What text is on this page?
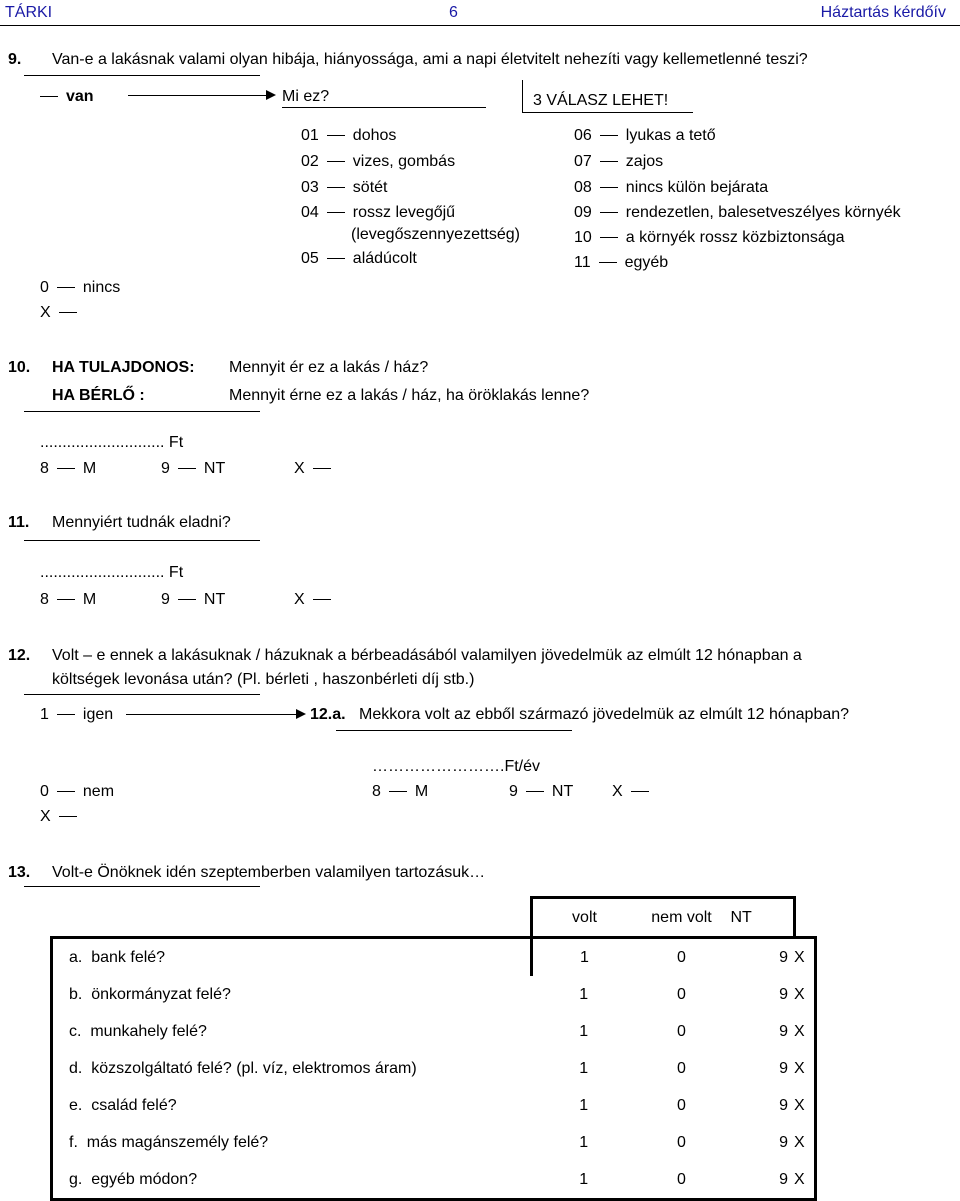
TÁRKI	6	Háztartás kérdőív
9. Van-e a lakásnak valami olyan hibája, hiányossága, ami a napi életvitelt nehezíti vagy kellemetlenné teszi?
van	Mi ez?	3 VÁLASZ LEHET!
01 dohos
02 vizes, gombás
03 sötét
04 rossz levegőjű
(levegőszennyezettség)
05 aládúcolt
06 lyukas a tető
07 zajos
08 nincs külön bejárata
09 rendezetlen, balesetveszélyes környék
10 a környék rossz közbiztonsága
11 egyéb
0 nincs
X
10. HA TULAJDONOS: Mennyit ér ez a lakás / ház?
HA BÉRLŐ :	Mennyit érne ez a lakás / ház, ha öröklakás lenne?
............................ Ft
8 M	9 NT	X
11. Mennyiért tudnák eladni?
............................ Ft
8 M	9 NT	X
12. Volt – e ennek a lakásuknak / házuknak a bérbeadásából valamilyen jövedelmük az elmúlt 12 hónapban a
költségek levonása után? (Pl. bérleti , haszonbérleti díj stb.)
1 igen	12.a. Mekkora volt az ebből származó jövedelmük az elmúlt 12 hónapban?
…………………….Ft/év
0 nem
X
8 M	9 NT X
13. Volt-e Önöknek idén szeptemberben valamilyen tartozásuk…
	volt	nem volt	NT	
a. bank felé?	1	0	9	X
b. önkormányzat felé?	1	0	9	X
c. munkahely felé?	1	0	9	X
d. közszolgáltató felé? (pl. víz, elektromos áram)	1	0	9	X
e. család felé?	1	0	9	X
f. más magánszemély felé?	1	0	9	X
g. egyéb módon?	1	0	9	X
